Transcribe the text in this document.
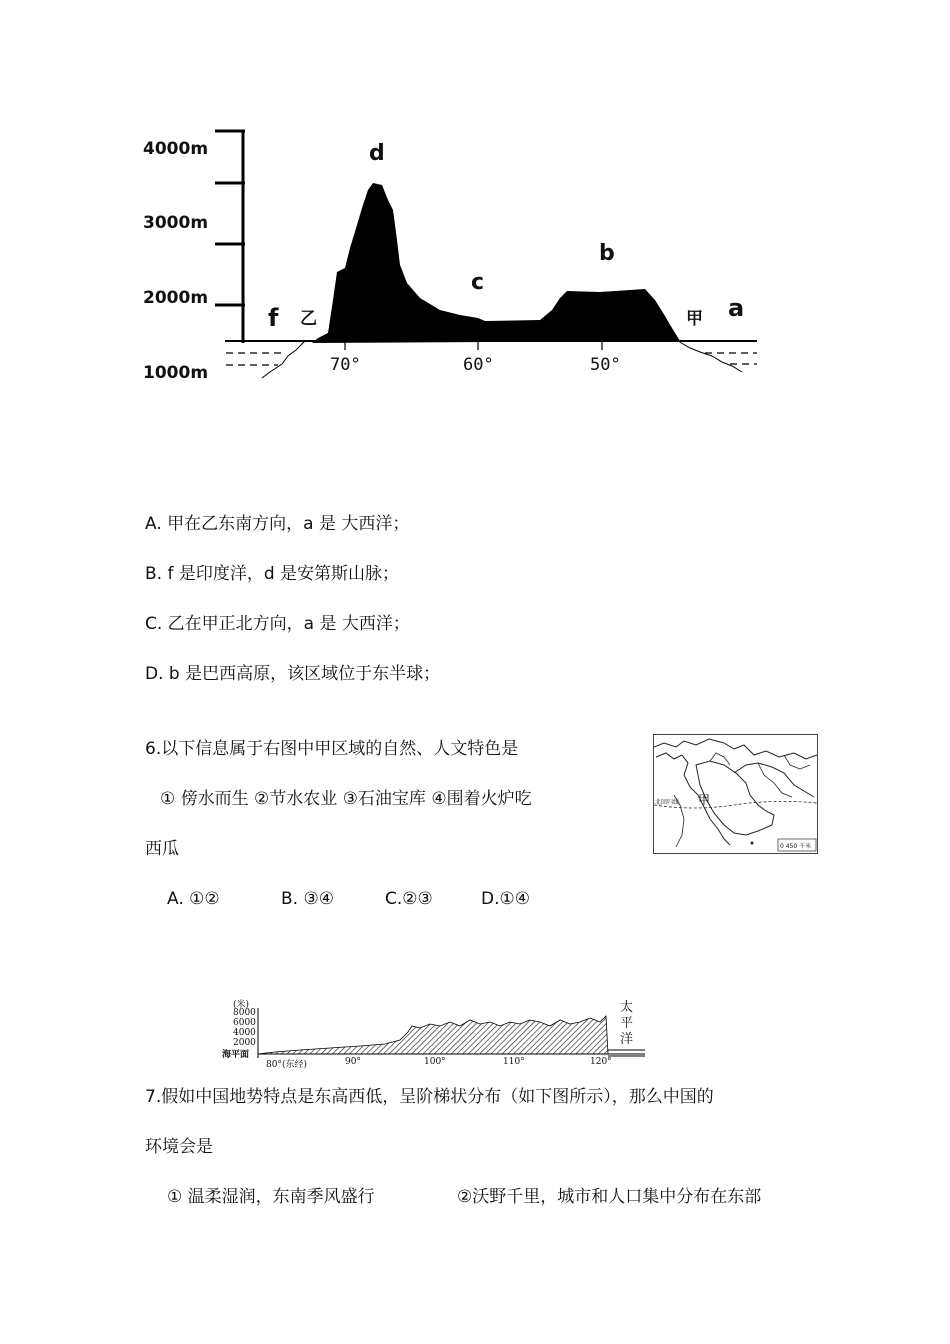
4000m
3000m
2000m
1000m	70°	60°	50°
d
c
b
a
f 乙	甲
A. 甲在乙东南方向，a 是 大西洋；
B. f 是印度洋，d 是安第斯山脉；
C. 乙在甲正北方向，a 是 大西洋；
D. b 是巴西高原，该区域位于东半球；
6.以下信息属于右图中甲区域的自然、人文特色是
① 傍水而生 ②节水农业 ③石油宝库 ④围着火炉吃
西瓜
A. ①②	B. ③④	C.②③	D.①④
甲
北回归线
0 450 千米
(米)
8000
6000
4000
2000
海平面
80°(东经)	90°	100°	110°	120°
太
平
洋
7.假如中国地势特点是东高西低，呈阶梯状分布（如下图所示），那么中国的
环境会是
① 温柔湿润，东南季风盛行	②沃野千里，城市和人口集中分布在东部
